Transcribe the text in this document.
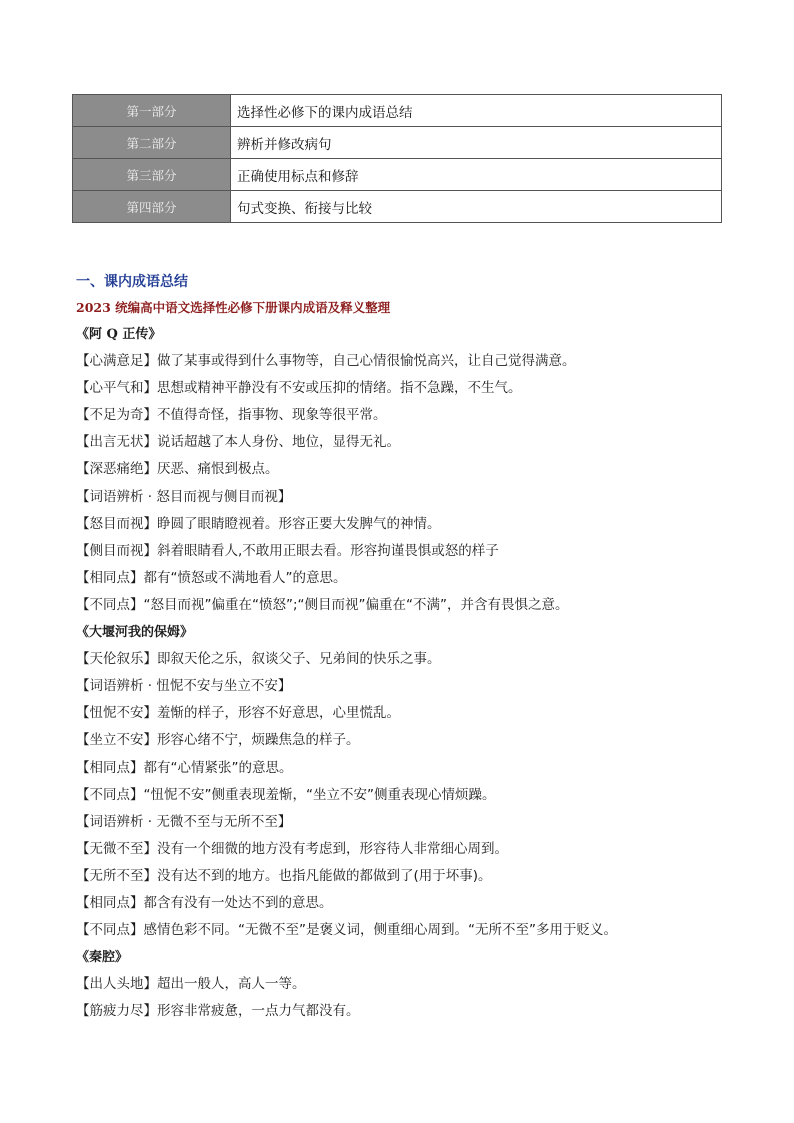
第一部分	选择性必修下的课内成语总结
第二部分	辨析并修改病句
第三部分	正确使用标点和修辞
第四部分	句式变换、衔接与比较
一、课内成语总结
2023 统编高中语文选择性必修下册课内成语及释义整理
《阿 Q 正传》
【心满意足】做了某事或得到什么事物等，自己心情很愉悦高兴，让自己觉得满意。
【心平气和】思想或精神平静没有不安或压抑的情绪。指不急躁，不生气。
【不足为奇】不值得奇怪，指事物、现象等很平常。
【出言无状】说话超越了本人身份、地位，显得无礼。
【深恶痛绝】厌恶、痛恨到极点。
【词语辨析 · 怒目而视与侧目而视】
【怒目而视】睁圆了眼睛瞪视着。形容正要大发脾气的神情。
【侧目而视】斜着眼睛看人,不敢用正眼去看。形容拘谨畏惧或怒的样子
【相同点】都有“愤怒或不满地看人”的意思。
【不同点】“怒目而视”偏重在“愤怒”;“侧目而视”偏重在“不满”，并含有畏惧之意。
《大堰河我的保姆》
【天伦叙乐】即叙天伦之乐，叙谈父子、兄弟间的快乐之事。
【词语辨析 · 忸怩不安与坐立不安】
【忸怩不安】羞惭的样子，形容不好意思，心里慌乱。
【坐立不安】形容心绪不宁，烦躁焦急的样子。
【相同点】都有“心情紧张”的意思。
【不同点】“忸怩不安”侧重表现羞惭，“坐立不安”侧重表现心情烦躁。
【词语辨析 · 无微不至与无所不至】
【无微不至】没有一个细微的地方没有考虑到，形容待人非常细心周到。
【无所不至】没有达不到的地方。也指凡能做的都做到了(用于坏事)。
【相同点】都含有没有一处达不到的意思。
【不同点】感情色彩不同。“无微不至”是褒义词，侧重细心周到。“无所不至”多用于贬义。
《秦腔》
【出人头地】超出一般人，高人一等。
【筋疲力尽】形容非常疲惫，一点力气都没有。
